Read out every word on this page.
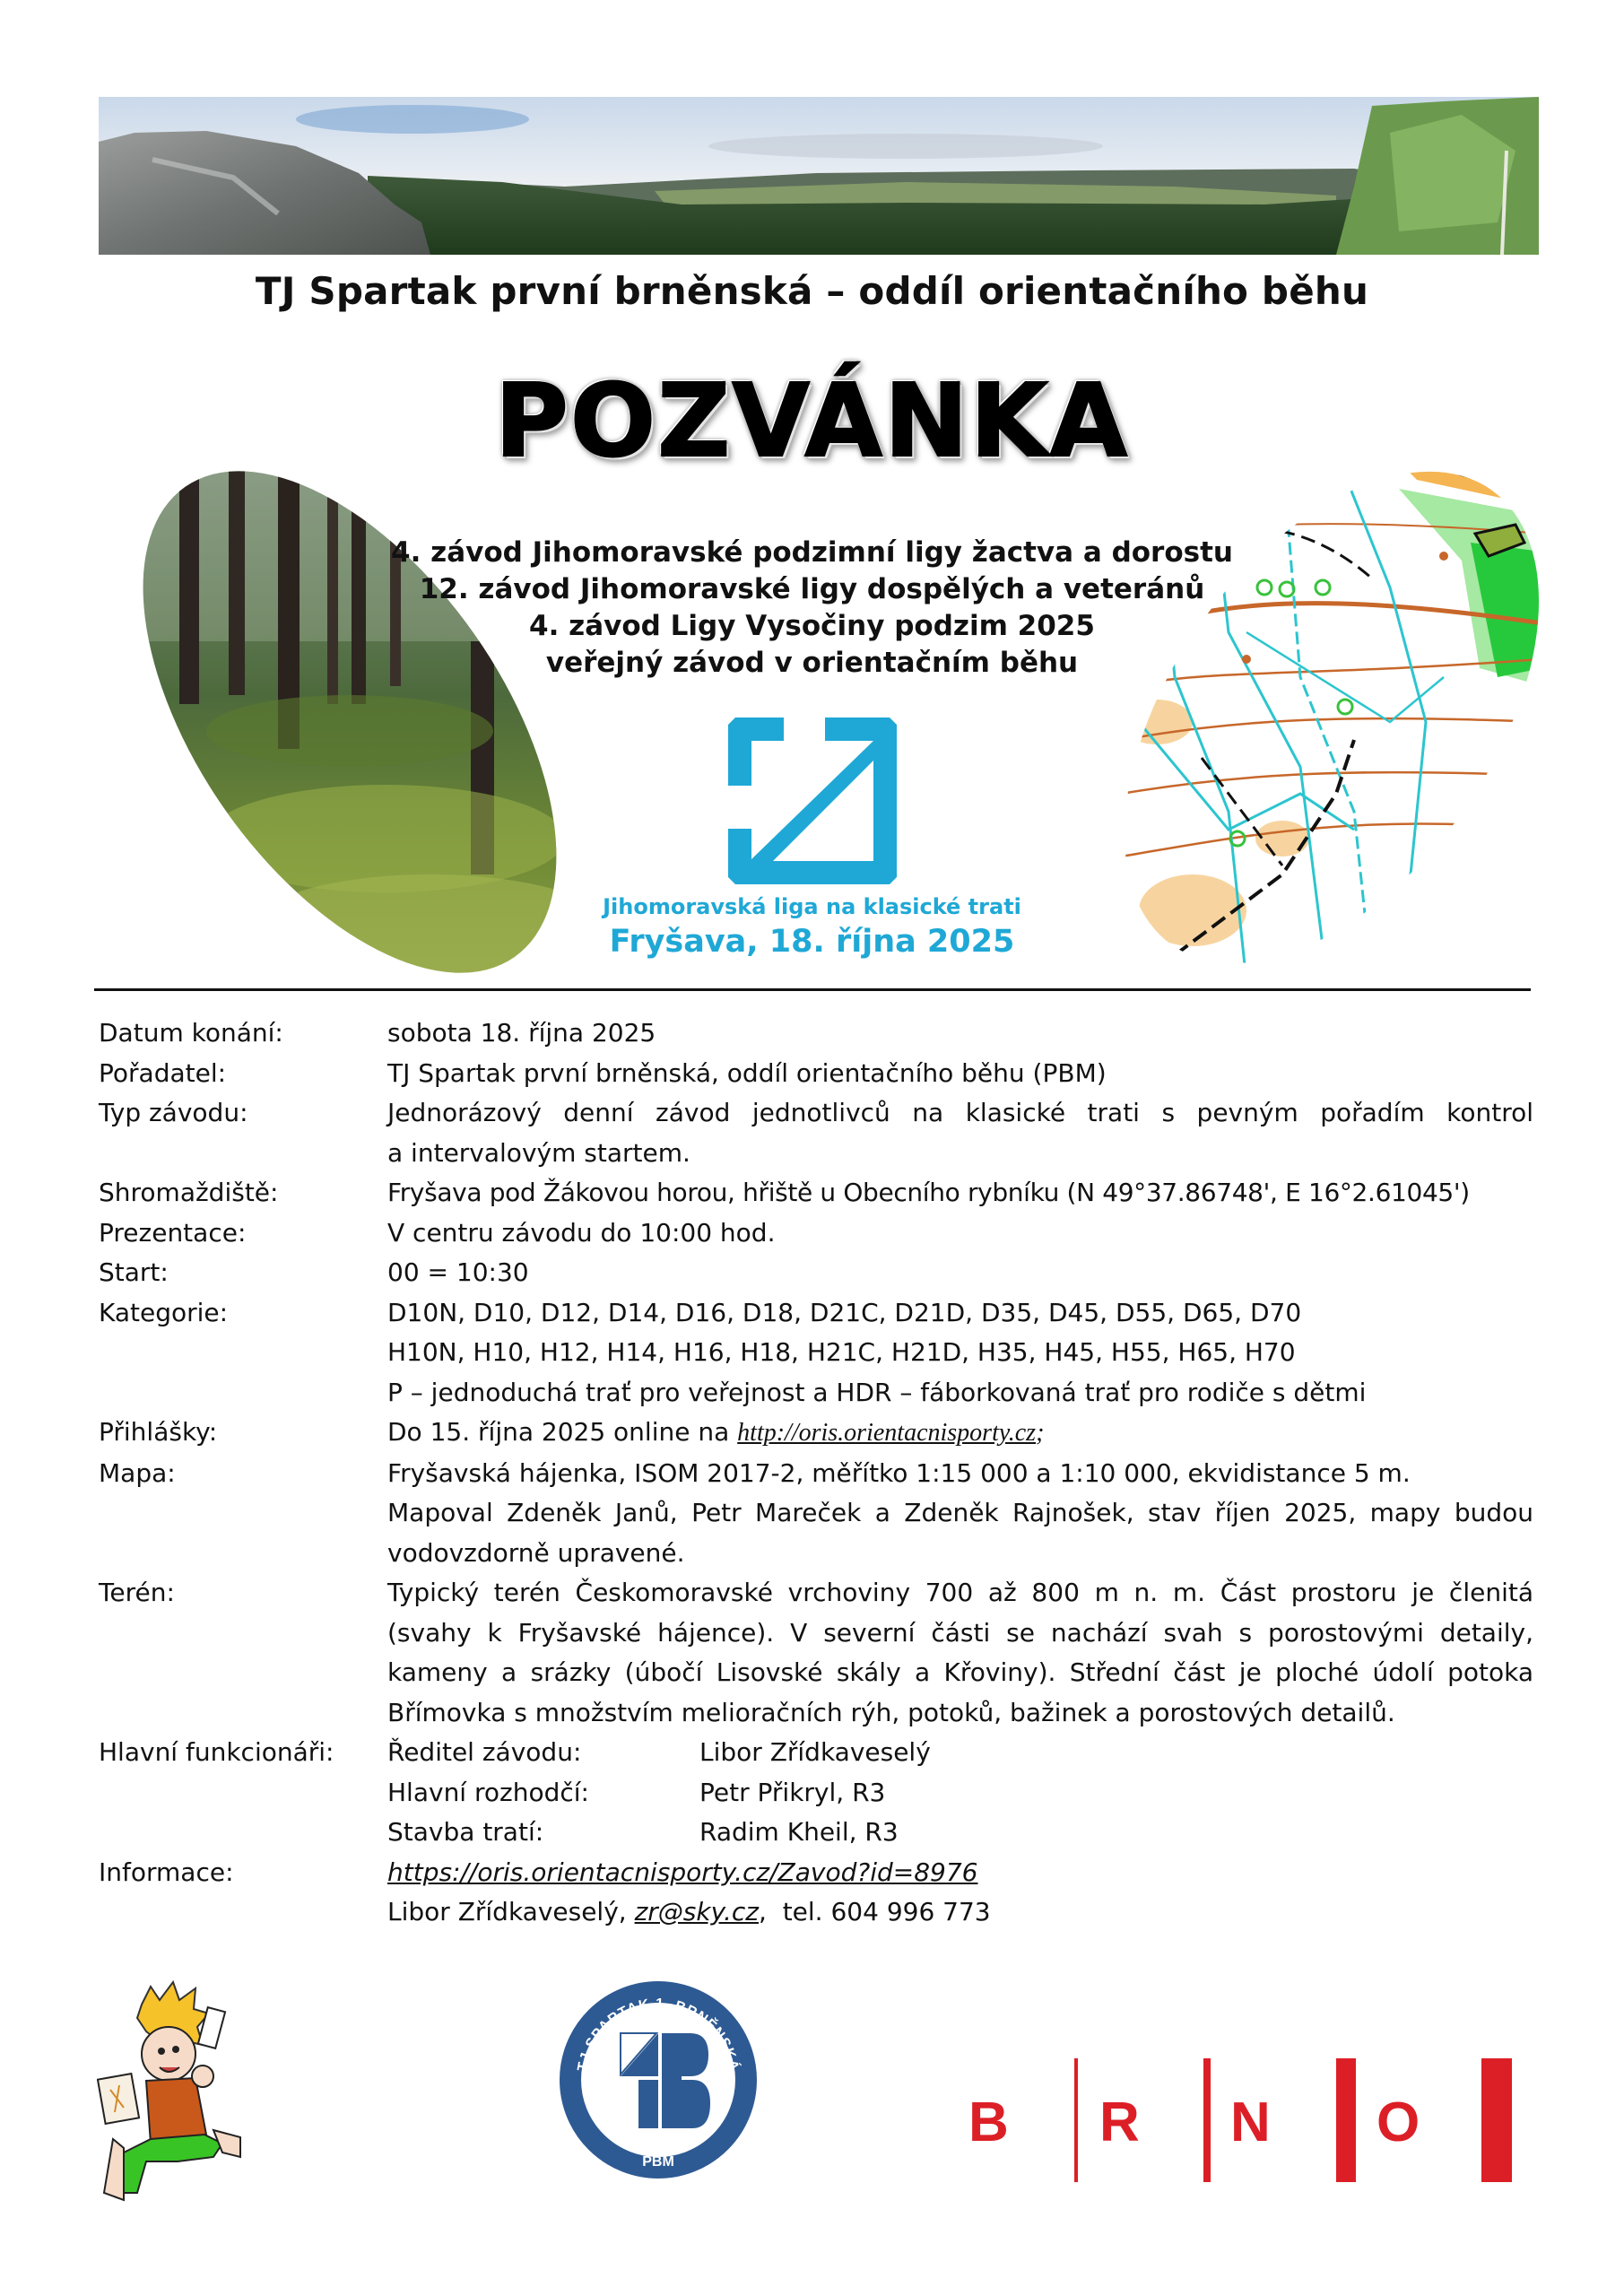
TJ Spartak první brněnská – oddíl orientačního běhu
POZVÁNKA
4. závod Jihomoravské podzimní ligy žactva a dorostu
12. závod Jihomoravské ligy dospělých a veteránů
4. závod Ligy Vysočiny podzim 2025
veřejný závod v orientačním běhu
Jihomoravská liga na klasické trati
Fryšava, 18. října 2025
Datum konání:	sobota 18. října 2025
Pořadatel:	TJ Spartak první brněnská, oddíl orientačního běhu (PBM)
Typ závodu:	Jednorázový denní závod jednotlivců na klasické trati s pevným pořadím kontrol
a intervalovým startem.
Shromaždiště:	Fryšava pod Žákovou horou, hřiště u Obecního rybníku (N 49°37.86748', E 16°2.61045')
Prezentace:	V centru závodu do 10:00 hod.
Start:	00 = 10:30
Kategorie:	D10N, D10, D12, D14, D16, D18, D21C, D21D, D35, D45, D55, D65, D70
H10N, H10, H12, H14, H16, H18, H21C, H21D, H35, H45, H55, H65, H70
P – jednoduchá trať pro veřejnost a HDR – fáborkovaná trať pro rodiče s dětmi
Přihlášky:	Do 15. října 2025 online na http://oris.orientacnisporty.cz;
Mapa:	Fryšavská hájenka, ISOM 2017-2, měřítko 1:15 000 a 1:10 000, ekvidistance 5 m.
Mapoval Zdeněk Janů, Petr Mareček a Zdeněk Rajnošek, stav říjen 2025, mapy budou
vodovzdorně upravené.
Terén:	Typický terén Českomoravské vrchoviny 700 až 800 m n. m. Část prostoru je členitá
(svahy k Fryšavské hájence). V severní části se nachází svah s porostovými detaily,
kameny a srázky (úbočí Lisovské skály a Křoviny). Střední část je ploché údolí potoka
Břímovka s množstvím melioračních rýh, potoků, bažinek a porostových detailů.
Hlavní funkcionáři:	Ředitel závodu:	Libor Zřídkaveselý
Hlavní rozhodčí:	Petr Přikryl, R3
Stavba tratí:	Radim Kheil, R3
Informace:	https://oris.orientacnisporty.cz/Zavod?id=8976
Libor Zřídkaveselý, zr@sky.cz,  tel. 604 996 773
TJ SPARTAK 1. BRNĚNSKÁ
PBM
B R N O
